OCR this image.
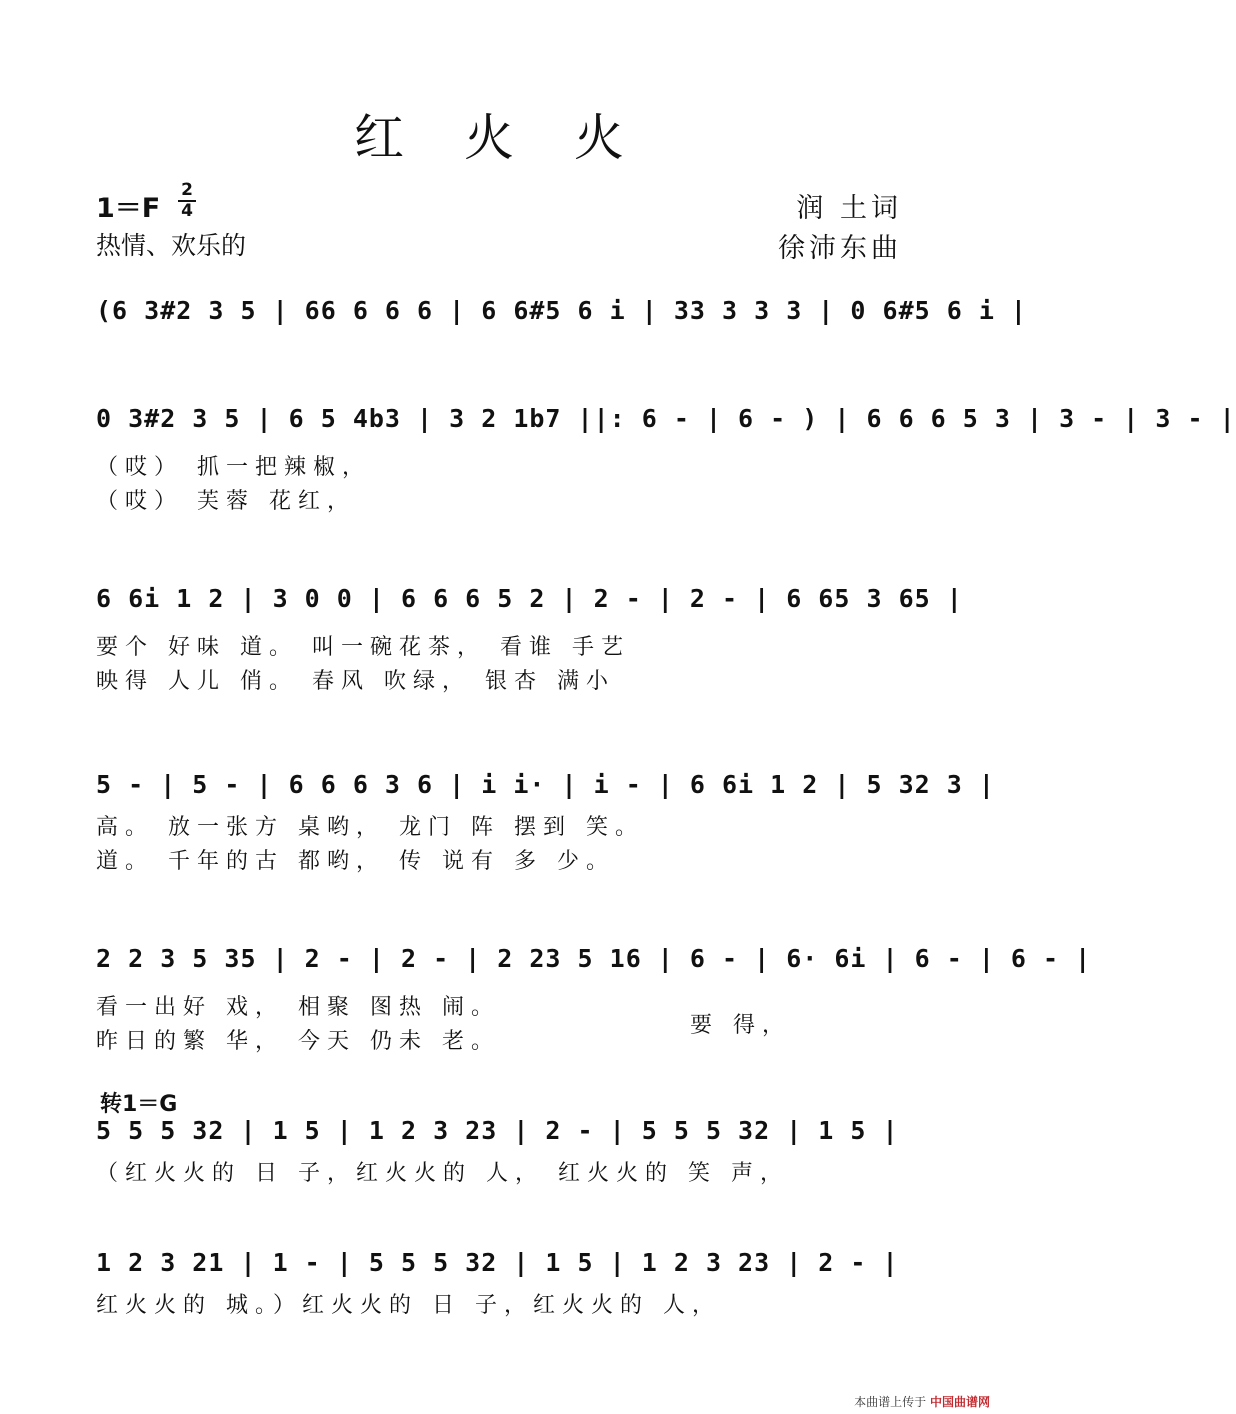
红 火 火
1＝F
2
4
热情、欢乐的
润 土词
徐沛东曲
(6 3#2 3 5 | 66 6 6 6 | 6 6#5 6 i | 33 3 3 3 | 0 6#5 6 i |
0 3#2 3 5 | 6 5 4b3 | 3 2 1b7 ||: 6 - | 6 - ) | 6 6 6 5 3 | 3 - | 3 - |
（哎） 抓一把辣椒，
（哎） 芙蓉 花红，
6 6i 1 2 | 3 0 0 | 6 6 6 5 2 | 2 - | 2 - | 6 65 3 65 |
要个 好味 道。 叫一碗花茶， 看谁 手艺
映得 人儿 俏。 春风 吹绿， 银杏 满小
5 - | 5 - | 6 6 6 3 6 | i i· | i - | 6 6i 1 2 | 5 32 3 |
高。 放一张方 桌哟， 龙门 阵 摆到 笑。
道。 千年的古 都哟， 传 说有 多 少。
2 2 3 5 35 | 2 - | 2 - | 2 23 5 16 | 6 - | 6· 6i | 6 - | 6 - |
看一出好 戏， 相聚 图热 闹。
昨日的繁 华， 今天 仍未 老。
要 得，
转1＝G
5 5 5 32 | 1 5 | 1 2 3 23 | 2 - | 5 5 5 32 | 1 5 |
（红火火的 日 子，红火火的 人， 红火火的 笑 声，
1 2 3 21 | 1 - | 5 5 5 32 | 1 5 | 1 2 3 23 | 2 - |
红火火的 城。）红火火的 日 子，红火火的 人，
本曲谱上传于 中国曲谱网
